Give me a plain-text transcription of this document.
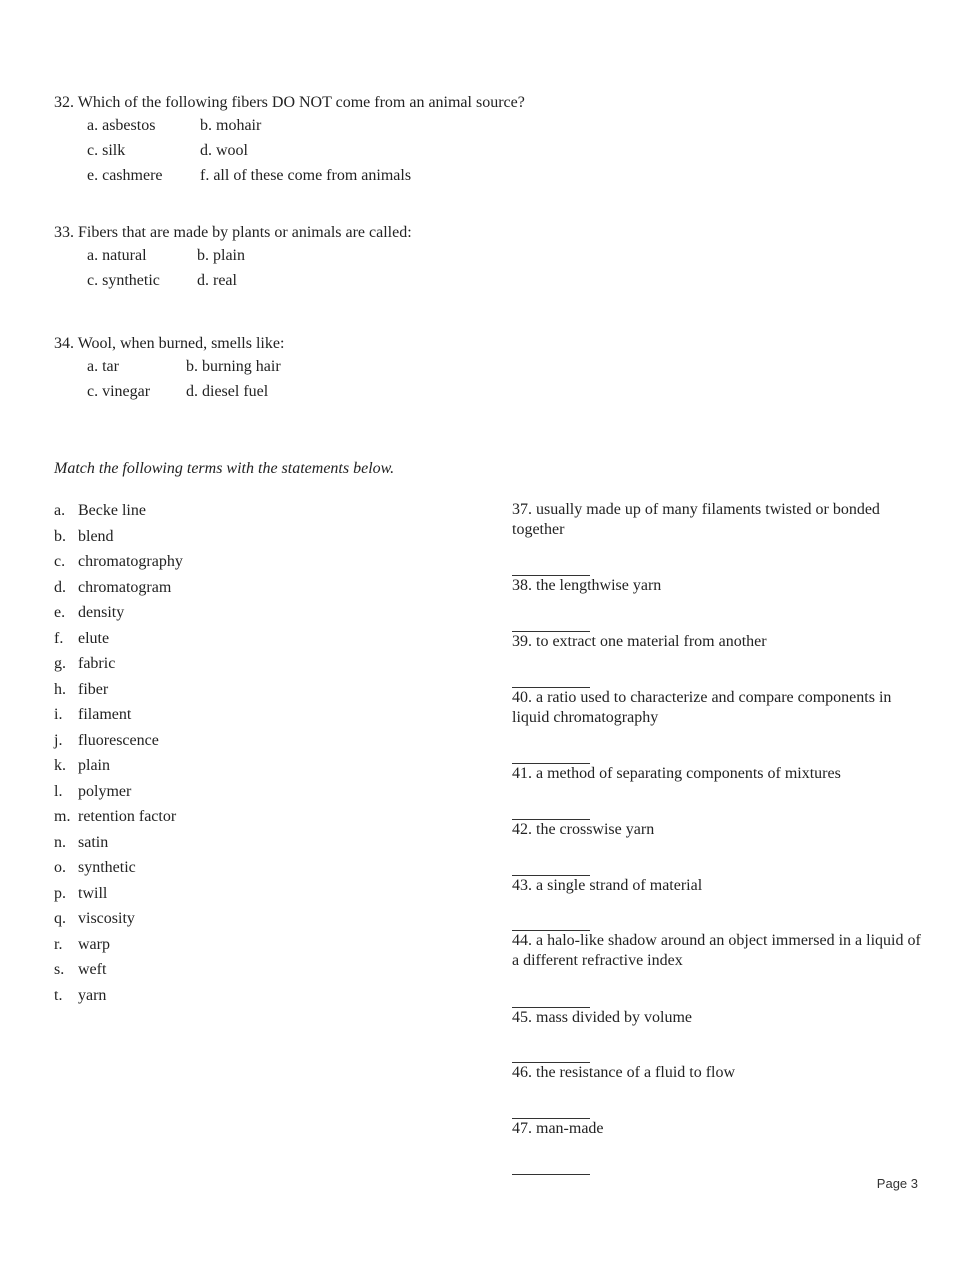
32. Which of the following fibers DO NOT come from an animal source?
a. asbestos	b. mohair
c. silk	d. wool
e. cashmere f. all of these come from animals
33. Fibers that are made by plants or animals are called:
a. natural	b. plain
c. synthetic d. real
34. Wool, when burned, smells like:
a. tar	b. burning hair
c. vinegar d. diesel fuel
Match the following terms with the statements below.
a. Becke line
b. blend
c. chromatography
d. chromatogram
e. density
f. elute
g. fabric
h. fiber
i. filament
j. fluorescence
k. plain
l. polymer
m. retention factor
n. satin
o. synthetic
p. twill
q. viscosity
r. warp
s. weft
t. yarn
37. usually made up of many filaments twisted or bonded together
38. the lengthwise yarn
39. to extract one material from another
40. a ratio used to characterize and compare components in liquid chromatography
41. a method of separating components of mixtures
42. the crosswise yarn
43. a single strand of material
44. a halo-like shadow around an object immersed in a liquid of a different refractive index
45. mass divided by volume
46. the resistance of a fluid to flow
47. man-made
Page 3
